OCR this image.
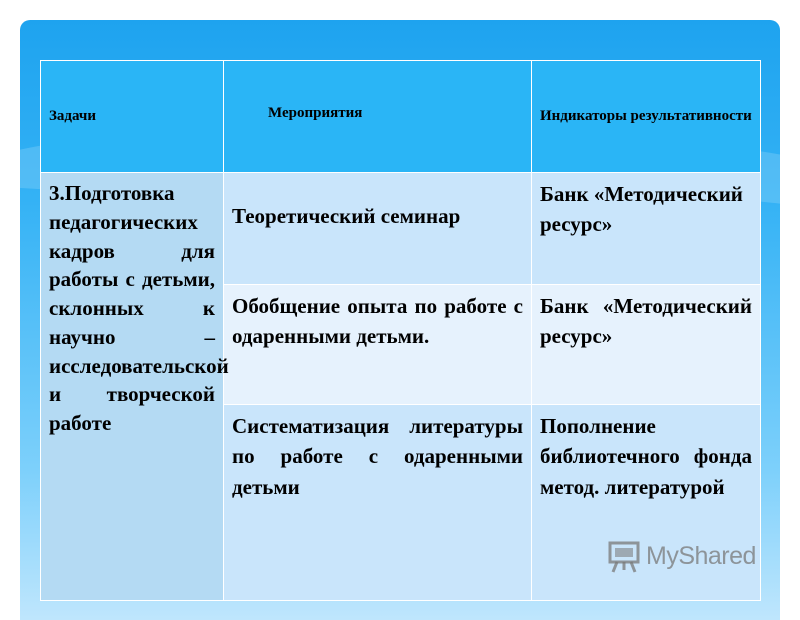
Задачи	Мероприятия	Индикаторы результативности
3.Подготовка педагогических кадров для работы с детьми, склонных к научно – исследовательской и творческой работе	Теоретический семинар	Банк «Методический ресурс»
	Обобщение опыта по работе с одаренными детьми.	Банк «Методический ресурс»
	Систематизация литературы по работе с одаренными детьми	Пополнение библиотечного фонда метод. литературой
MyShared
